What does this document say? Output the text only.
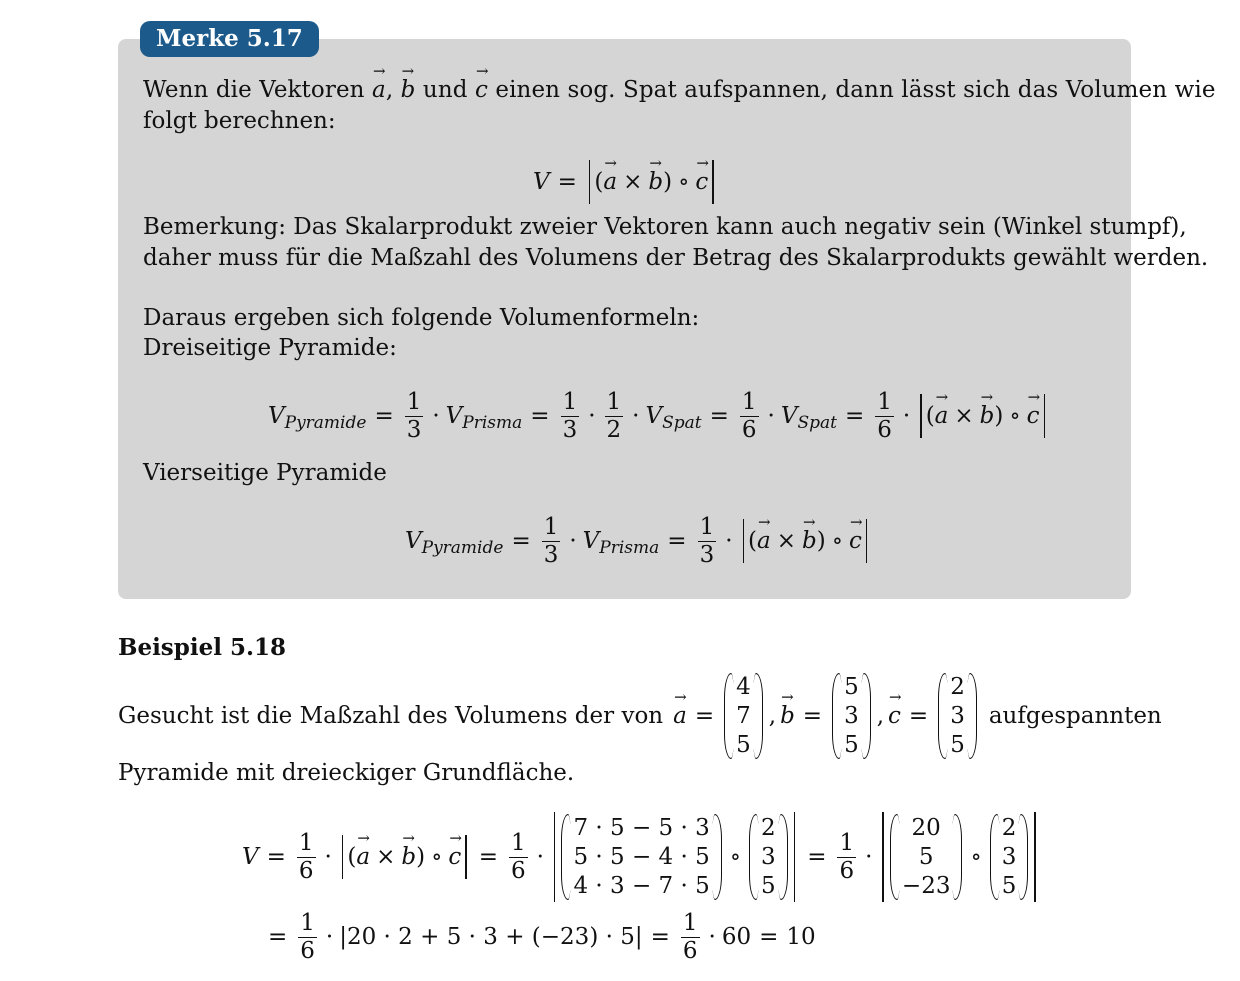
Merke 5.17
Wenn die Vektoren → a, → b und → c einen sog. Spat aufspannen, dann lässt sich das Volumen wie
folgt berechnen:
V = ( → a × → b ) ∘ → c
Bemerkung: Das Skalarprodukt zweier Vektoren kann auch negativ sein (Winkel stumpf),
daher muss für die Maßzahl des Volumens der Betrag des Skalarprodukts gewählt werden.
Daraus ergeben sich folgende Volumenformeln:
Dreiseitige Pyramide:
V Pyramide = $\frac{1}{3} \cdot V$ Prisma = $\frac{1}{3} \cdot \frac{1}{2} \cdot V$ Spat = $\frac{1}{6} \cdot V$ Spat = $\frac{1}{6}$ · ( → a × → b ) ∘ → c
Vierseitige Pyramide
V Pyramide = $\frac{1}{3} \cdot V$ Prisma = $\frac{1}{3}$ · ( → a × → b ) ∘ → c
Beispiel 5.18
Gesucht ist die Maßzahl des Volumens der von → a =
4
7
5
, → b =
5
3
5
, → c =
2
3
5
aufgespannten
Pyramide mit dreieckiger Grundfläche.
$V = \frac{1}{6}$ · ( → a × → b ) ∘ → $c = \frac{1}{6}$ ·
7 · 5 − 5 · 3
5 · 5 − 4 · 5
4 · 3 − 7 · 5
∘
2
3
5
= $\frac{1}{6}$ ·
20
5
−23
∘
2
3
5
= $\frac{1}{6} \cdot |20 \cdot 2 + 5 \cdot 3 + (-23) \cdot 5| = \frac{1}{6} \cdot 60 = 10$
